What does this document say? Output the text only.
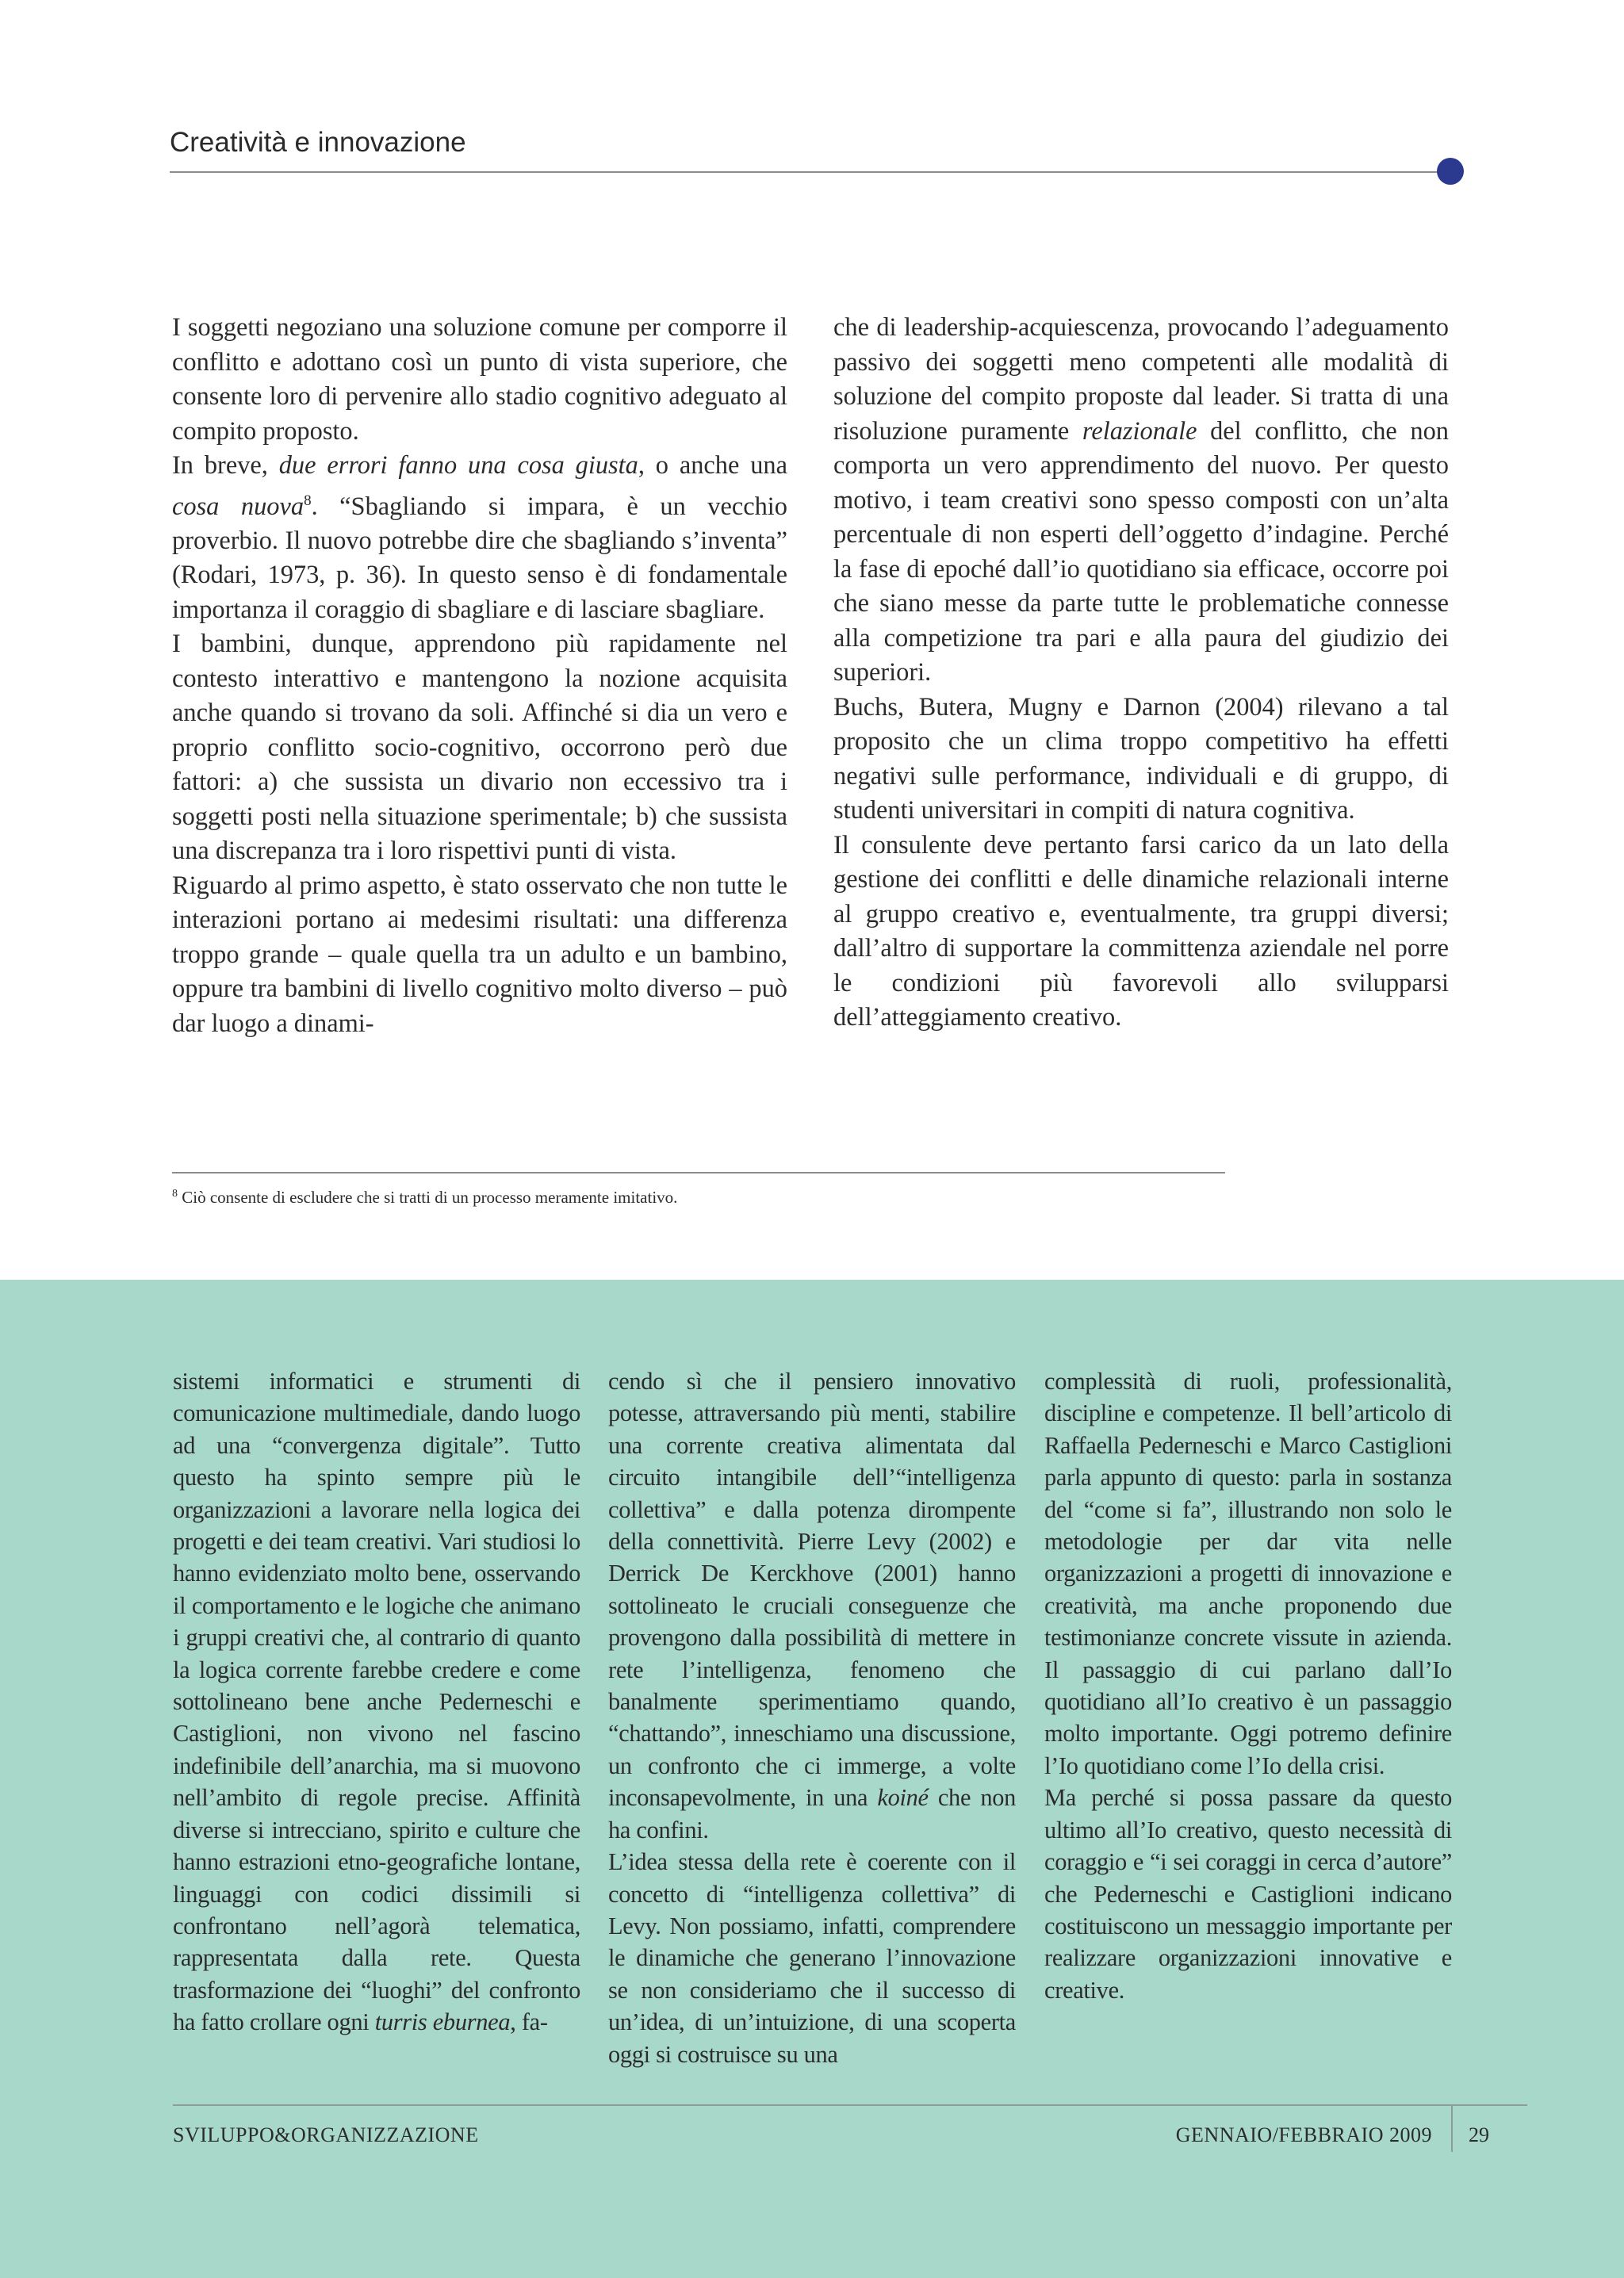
Creatività e innovazione

I soggetti negoziano una soluzione comune per comporre il conflitto e adottano così un punto di vista superiore, che consente loro di pervenire allo stadio cognitivo adeguato al compito proposto.

In breve, due errori fanno una cosa giusta, o anche una cosa nuova$^8$. “Sbagliando si impara, è un vecchio proverbio. Il nuovo potrebbe dire che sbagliando s’inventa” (Rodari, 1973, p. 36). In questo senso è di fondamentale importanza il coraggio di sbagliare e di lasciare sbagliare.

I bambini, dunque, apprendono più rapidamente nel contesto interattivo e mantengono la nozione acquisita anche quando si trovano da soli. Affinché si dia un vero e proprio conflitto socio-cognitivo, occorrono però due fattori: a) che sussista un divario non eccessivo tra i soggetti posti nella situazione sperimentale; b) che sussista una discrepanza tra i loro rispettivi punti di vista.

Riguardo al primo aspetto, è stato osservato che non tutte le interazioni portano ai medesimi risultati: una differenza troppo grande – quale quella tra un adulto e un bambino, oppure tra bambini di livello cognitivo molto diverso – può dar luogo a dinami-

che di leadership-acquiescenza, provocando l’adeguamento passivo dei soggetti meno competenti alle modalità di soluzione del compito proposte dal leader. Si tratta di una risoluzione puramente relazionale del conflitto, che non comporta un vero apprendimento del nuovo. Per questo motivo, i team creativi sono spesso composti con un’alta percentuale di non esperti dell’oggetto d’indagine. Perché la fase di epoché dall’io quotidiano sia efficace, occorre poi che siano messe da parte tutte le problematiche connesse alla competizione tra pari e alla paura del giudizio dei superiori.

Buchs, Butera, Mugny e Darnon (2004) rilevano a tal proposito che un clima troppo competitivo ha effetti negativi sulle performance, individuali e di gruppo, di studenti universitari in compiti di natura cognitiva.

Il consulente deve pertanto farsi carico da un lato della gestione dei conflitti e delle dinamiche relazionali interne al gruppo creativo e, eventualmente, tra gruppi diversi; dall’altro di supportare la committenza aziendale nel porre le condizioni più favorevoli allo svilupparsi dell’atteggiamento creativo.

$^8$ Ciò consente di escludere che si tratti di un processo meramente imitativo.

sistemi informatici e strumenti di comunicazione multimediale, dando luogo ad una “convergenza digitale”. Tutto questo ha spinto sempre più le organizzazioni a lavorare nella logica dei progetti e dei team creativi. Vari studiosi lo hanno evidenziato molto bene, osservando il comportamento e le logiche che animano i gruppi creativi che, al contrario di quanto la logica corrente farebbe credere e come sottolineano bene anche Pederneschi e Castiglioni, non vivono nel fascino indefinibile dell’anarchia, ma si muovono nell’ambito di regole precise. Affinità diverse si intrecciano, spirito e culture che hanno estrazioni etno-geografiche lontane, linguaggi con codici dissimili si confrontano nell’agorà telematica, rappresentata dalla rete. Questa trasformazione dei “luoghi” del confronto ha fatto crollare ogni turris eburnea, fa-

cendo sì che il pensiero innovativo potesse, attraversando più menti, stabilire una corrente creativa alimentata dal circuito intangibile dell’“intelligenza collettiva” e dalla potenza dirompente della connettività. Pierre Levy (2002) e Derrick De Kerckhove (2001) hanno sottolineato le cruciali conseguenze che provengono dalla possibilità di mettere in rete l’intelligenza, fenomeno che banalmente sperimentiamo quando, “chattando”, inneschiamo una discussione, un confronto che ci immerge, a volte inconsapevolmente, in una koiné che non ha confini.

L’idea stessa della rete è coerente con il concetto di “intelligenza collettiva” di Levy. Non possiamo, infatti, comprendere le dinamiche che generano l’innovazione se non consideriamo che il successo di un’idea, di un’intuizione, di una scoperta oggi si costruisce su una

complessità di ruoli, professionalità, discipline e competenze. Il bell’articolo di Raffaella Pederneschi e Marco Castiglioni parla appunto di questo: parla in sostanza del “come si fa”, illustrando non solo le metodologie per dar vita nelle organizzazioni a progetti di innovazione e creatività, ma anche proponendo due testimonianze concrete vissute in azienda. Il passaggio di cui parlano dall’Io quotidiano all’Io creativo è un passaggio molto importante. Oggi potremo definire l’Io quotidiano come l’Io della crisi.

Ma perché si possa passare da questo ultimo all’Io creativo, questo necessità di coraggio e “i sei coraggi in cerca d’autore” che Pederneschi e Castiglioni indicano costituiscono un messaggio importante per realizzare organizzazioni innovative e creative.

SVILUPPO&ORGANIZZAZIONE	GENNAIO/FEBBRAIO 2009 29
